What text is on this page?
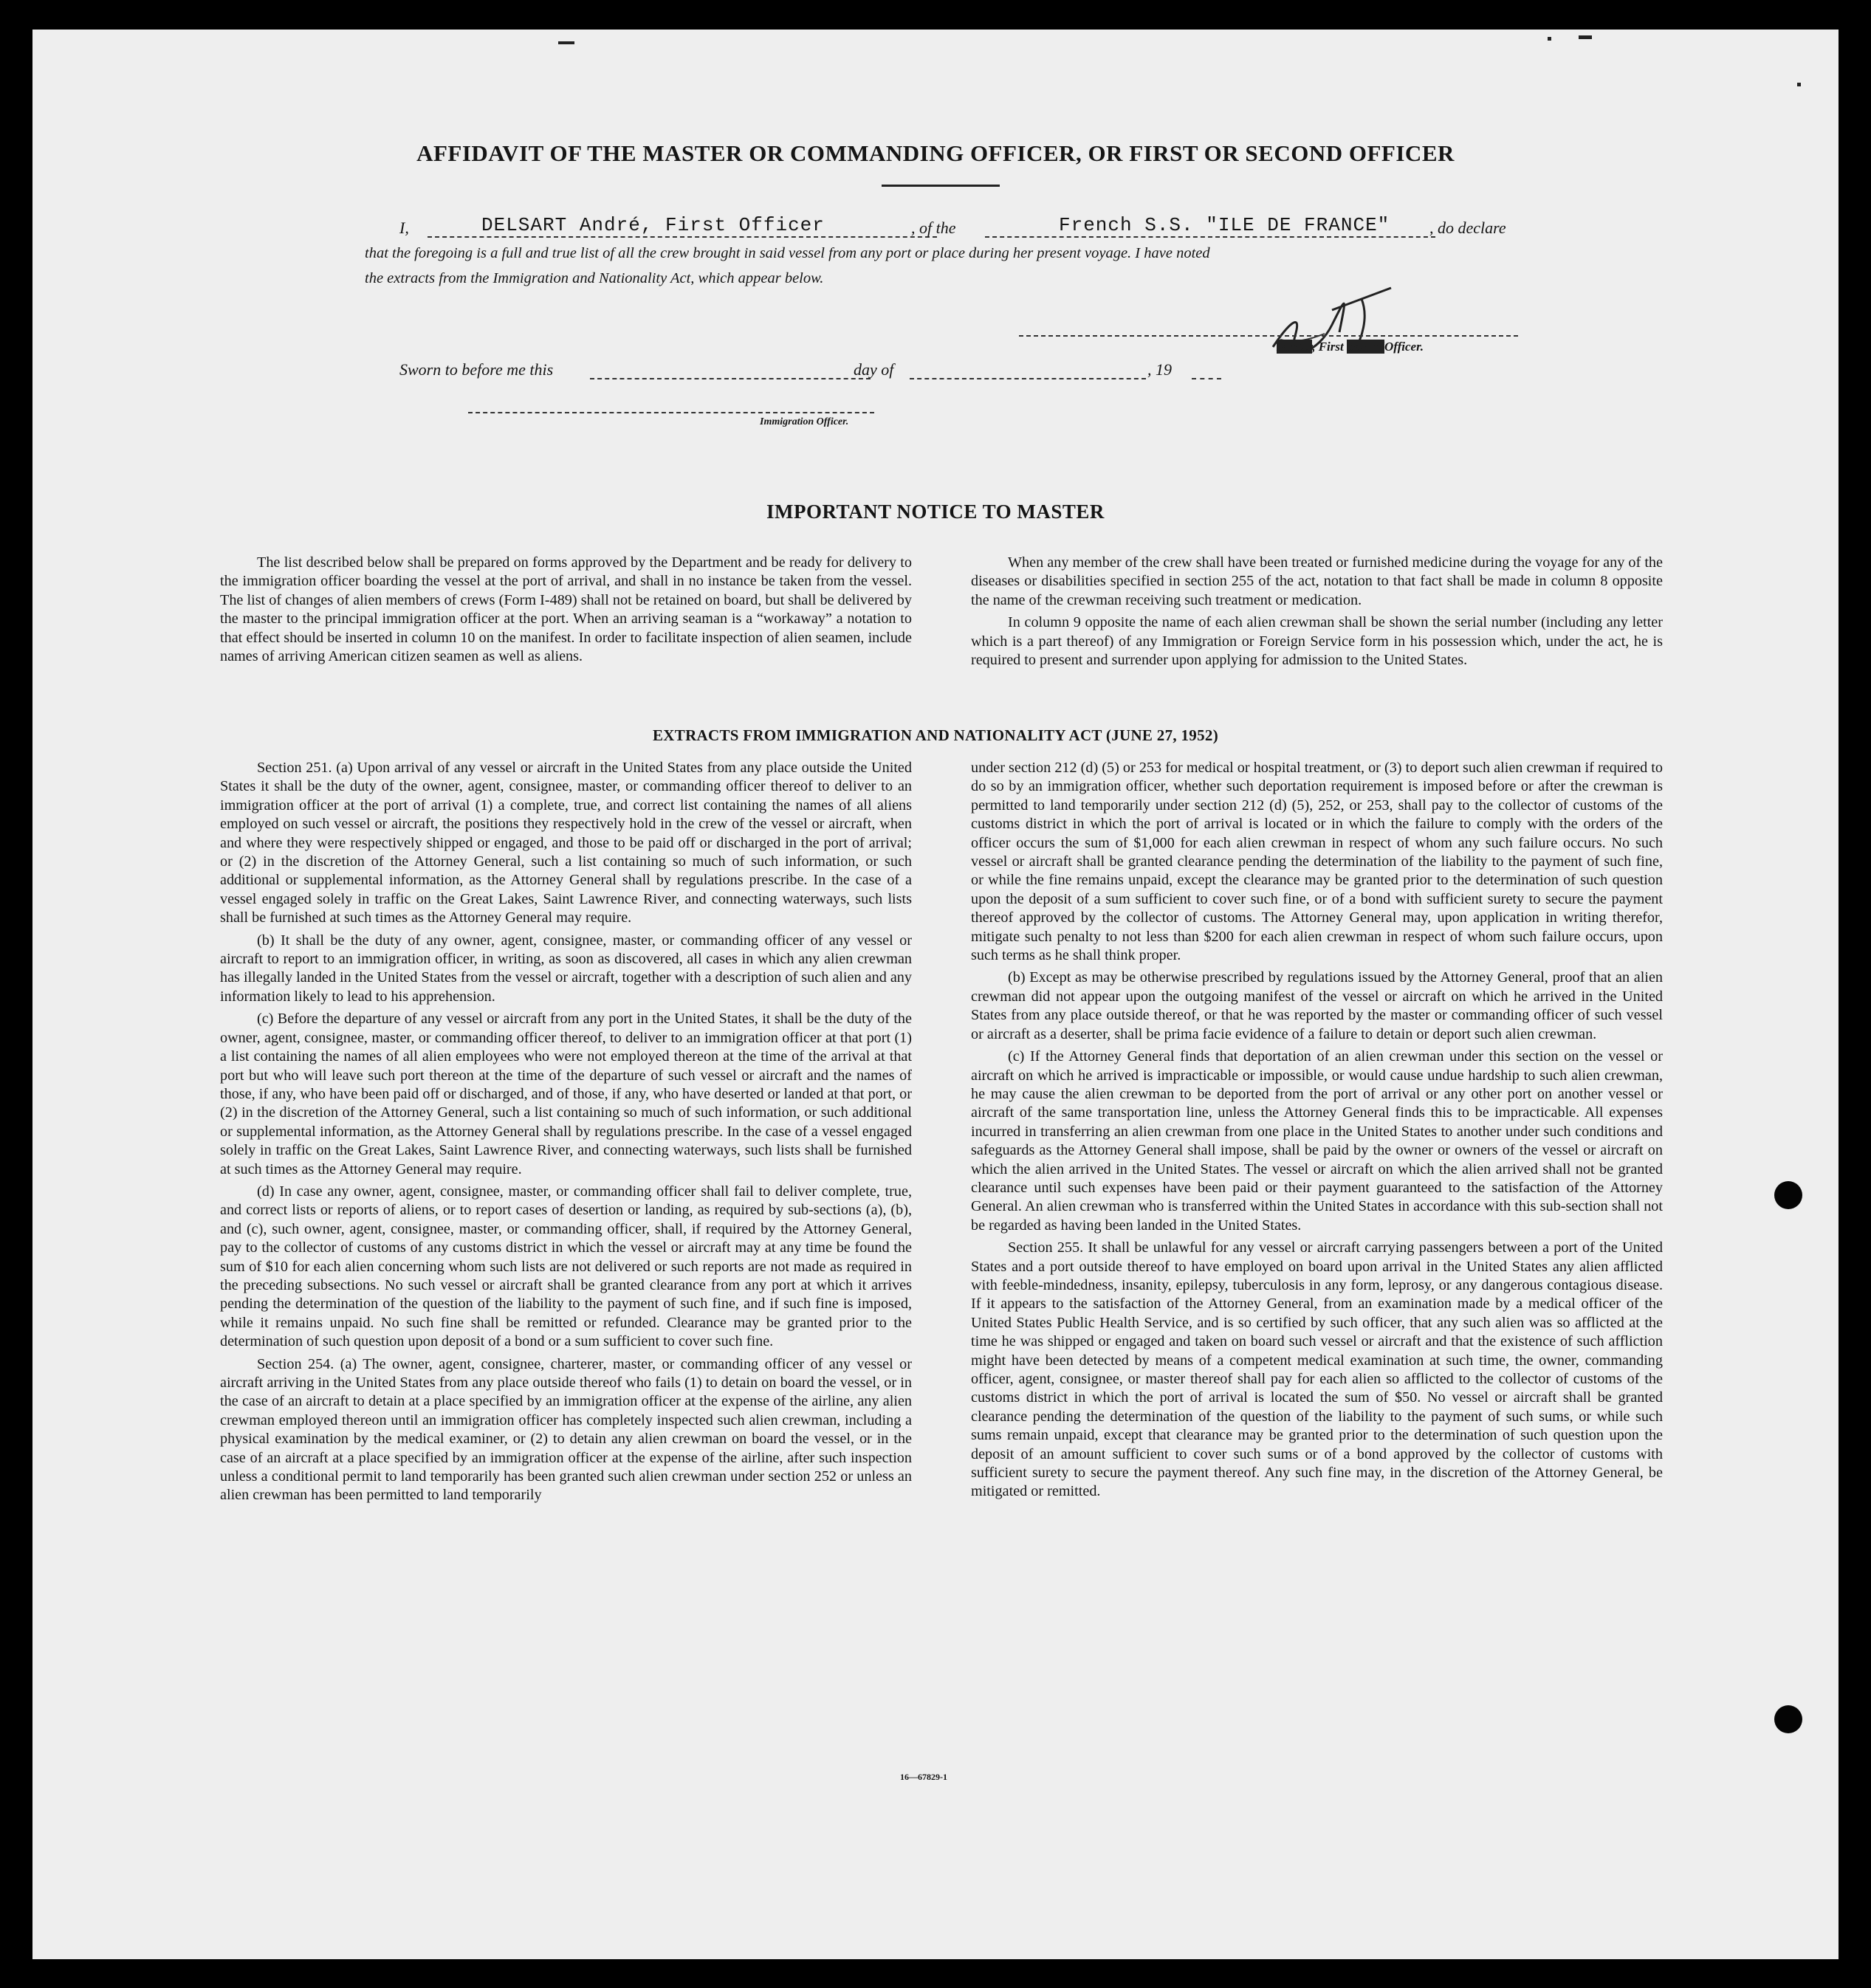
AFFIDAVIT OF THE MASTER OR COMMANDING OFFICER, OR FIRST OR SECOND OFFICER
I,	DELSART André, First Officer	, of the	French S.S. "ILE DE FRANCE" , do declare
that the foregoing is a full and true list of all the crew brought in said vessel from any port or place during her present voyage. I have noted
the extracts from the Immigration and Nationality Act, which appear below.
Master, First SecondOfficer.
Sworn to before me this	day of	, 19
Immigration Officer.
IMPORTANT NOTICE TO MASTER

The list described below shall be prepared on forms approved by the Department and be ready for delivery to the immigration officer boarding the vessel at the port of arrival, and shall in no instance be taken from the vessel. The list of changes of alien members of crews (Form I-489) shall not be retained on board, but shall be delivered by the master to the principal immigration officer at the port. When an arriving seaman is a “workaway” a notation to that effect should be inserted in column 10 on the manifest. In order to facilitate inspection of alien seamen, include names of arriving American citizen seamen as well as aliens.

When any member of the crew shall have been treated or furnished medicine during the voyage for any of the diseases or disabilities specified in section 255 of the act, notation to that fact shall be made in column 8 opposite the name of the crewman receiving such treatment or medication.

In column 9 opposite the name of each alien crewman shall be shown the serial number (including any letter which is a part thereof) of any Immigration or Foreign Service form in his possession which, under the act, he is required to present and surrender upon applying for admission to the United States.

EXTRACTS FROM IMMIGRATION AND NATIONALITY ACT (JUNE 27, 1952)

Section 251. (a) Upon arrival of any vessel or aircraft in the United States from any place outside the United States it shall be the duty of the owner, agent, consignee, master, or commanding officer thereof to deliver to an immigration officer at the port of arrival (1) a complete, true, and correct list containing the names of all aliens employed on such vessel or aircraft, the positions they respectively hold in the crew of the vessel or aircraft, when and where they were respectively shipped or engaged, and those to be paid off or discharged in the port of arrival; or (2) in the discretion of the Attorney General, such a list containing so much of such information, or such additional or supplemental information, as the Attorney General shall by regulations prescribe. In the case of a vessel engaged solely in traffic on the Great Lakes, Saint Lawrence River, and connecting waterways, such lists shall be furnished at such times as the Attorney General may require.

(b) It shall be the duty of any owner, agent, consignee, master, or commanding officer of any vessel or aircraft to report to an immigration officer, in writing, as soon as discovered, all cases in which any alien crewman has illegally landed in the United States from the vessel or aircraft, together with a description of such alien and any information likely to lead to his apprehension.

(c) Before the departure of any vessel or aircraft from any port in the United States, it shall be the duty of the owner, agent, consignee, master, or commanding officer thereof, to deliver to an immigration officer at that port (1) a list containing the names of all alien employees who were not employed thereon at the time of the arrival at that port but who will leave such port thereon at the time of the departure of such vessel or aircraft and the names of those, if any, who have been paid off or discharged, and of those, if any, who have deserted or landed at that port, or (2) in the discretion of the Attorney General, such a list containing so much of such information, or such additional or supplemental information, as the Attorney General shall by regulations prescribe. In the case of a vessel engaged solely in traffic on the Great Lakes, Saint Lawrence River, and connecting waterways, such lists shall be furnished at such times as the Attorney General may require.

(d) In case any owner, agent, consignee, master, or commanding officer shall fail to deliver complete, true, and correct lists or reports of aliens, or to report cases of desertion or landing, as required by sub-sections (a), (b), and (c), such owner, agent, consignee, master, or commanding officer, shall, if required by the Attorney General, pay to the collector of customs of any customs district in which the vessel or aircraft may at any time be found the sum of $10 for each alien concerning whom such lists are not delivered or such reports are not made as required in the preceding subsections. No such vessel or aircraft shall be granted clearance from any port at which it arrives pending the determination of the question of the liability to the payment of such fine, and if such fine is imposed, while it remains unpaid. No such fine shall be remitted or refunded. Clearance may be granted prior to the determination of such question upon deposit of a bond or a sum sufficient to cover such fine.

Section 254. (a) The owner, agent, consignee, charterer, master, or commanding officer of any vessel or aircraft arriving in the United States from any place outside thereof who fails (1) to detain on board the vessel, or in the case of an aircraft to detain at a place specified by an immigration officer at the expense of the airline, any alien crewman employed thereon until an immigration officer has completely inspected such alien crewman, including a physical examination by the medical examiner, or (2) to detain any alien crewman on board the vessel, or in the case of an aircraft at a place specified by an immigration officer at the expense of the airline, after such inspection unless a conditional permit to land temporarily has been granted such alien crewman under section 252 or unless an alien crewman has been permitted to land temporarily

under section 212 (d) (5) or 253 for medical or hospital treatment, or (3) to deport such alien crewman if required to do so by an immigration officer, whether such deportation requirement is imposed before or after the crewman is permitted to land temporarily under section 212 (d) (5), 252, or 253, shall pay to the collector of customs of the customs district in which the port of arrival is located or in which the failure to comply with the orders of the officer occurs the sum of $1,000 for each alien crewman in respect of whom any such failure occurs. No such vessel or aircraft shall be granted clearance pending the determination of the liability to the payment of such fine, or while the fine remains unpaid, except the clearance may be granted prior to the determination of such question upon the deposit of a sum sufficient to cover such fine, or of a bond with sufficient surety to secure the payment thereof approved by the collector of customs. The Attorney General may, upon application in writing therefor, mitigate such penalty to not less than $200 for each alien crewman in respect of whom such failure occurs, upon such terms as he shall think proper.

(b) Except as may be otherwise prescribed by regulations issued by the Attorney General, proof that an alien crewman did not appear upon the outgoing manifest of the vessel or aircraft on which he arrived in the United States from any place outside thereof, or that he was reported by the master or commanding officer of such vessel or aircraft as a deserter, shall be prima facie evidence of a failure to detain or deport such alien crewman.

(c) If the Attorney General finds that deportation of an alien crewman under this section on the vessel or aircraft on which he arrived is impracticable or impossible, or would cause undue hardship to such alien crewman, he may cause the alien crewman to be deported from the port of arrival or any other port on another vessel or aircraft of the same transportation line, unless the Attorney General finds this to be impracticable. All expenses incurred in transferring an alien crewman from one place in the United States to another under such conditions and safeguards as the Attorney General shall impose, shall be paid by the owner or owners of the vessel or aircraft on which the alien arrived in the United States. The vessel or aircraft on which the alien arrived shall not be granted clearance until such expenses have been paid or their payment guaranteed to the satisfaction of the Attorney General. An alien crewman who is transferred within the United States in accordance with this sub-section shall not be regarded as having been landed in the United States.

Section 255. It shall be unlawful for any vessel or aircraft carrying passengers between a port of the United States and a port outside thereof to have employed on board upon arrival in the United States any alien afflicted with feeble-mindedness, insanity, epilepsy, tuberculosis in any form, leprosy, or any dangerous contagious disease. If it appears to the satisfaction of the Attorney General, from an examination made by a medical officer of the United States Public Health Service, and is so certified by such officer, that any such alien was so afflicted at the time he was shipped or engaged and taken on board such vessel or aircraft and that the existence of such affliction might have been detected by means of a competent medical examination at such time, the owner, commanding officer, agent, consignee, or master thereof shall pay for each alien so afflicted to the collector of customs of the customs district in which the port of arrival is located the sum of $50. No vessel or aircraft shall be granted clearance pending the determination of the question of the liability to the payment of such sums, or while such sums remain unpaid, except that clearance may be granted prior to the determination of such question upon the deposit of an amount sufficient to cover such sums or of a bond approved by the collector of customs with sufficient surety to secure the payment thereof. Any such fine may, in the discretion of the Attorney General, be mitigated or remitted.

16—67829-1
